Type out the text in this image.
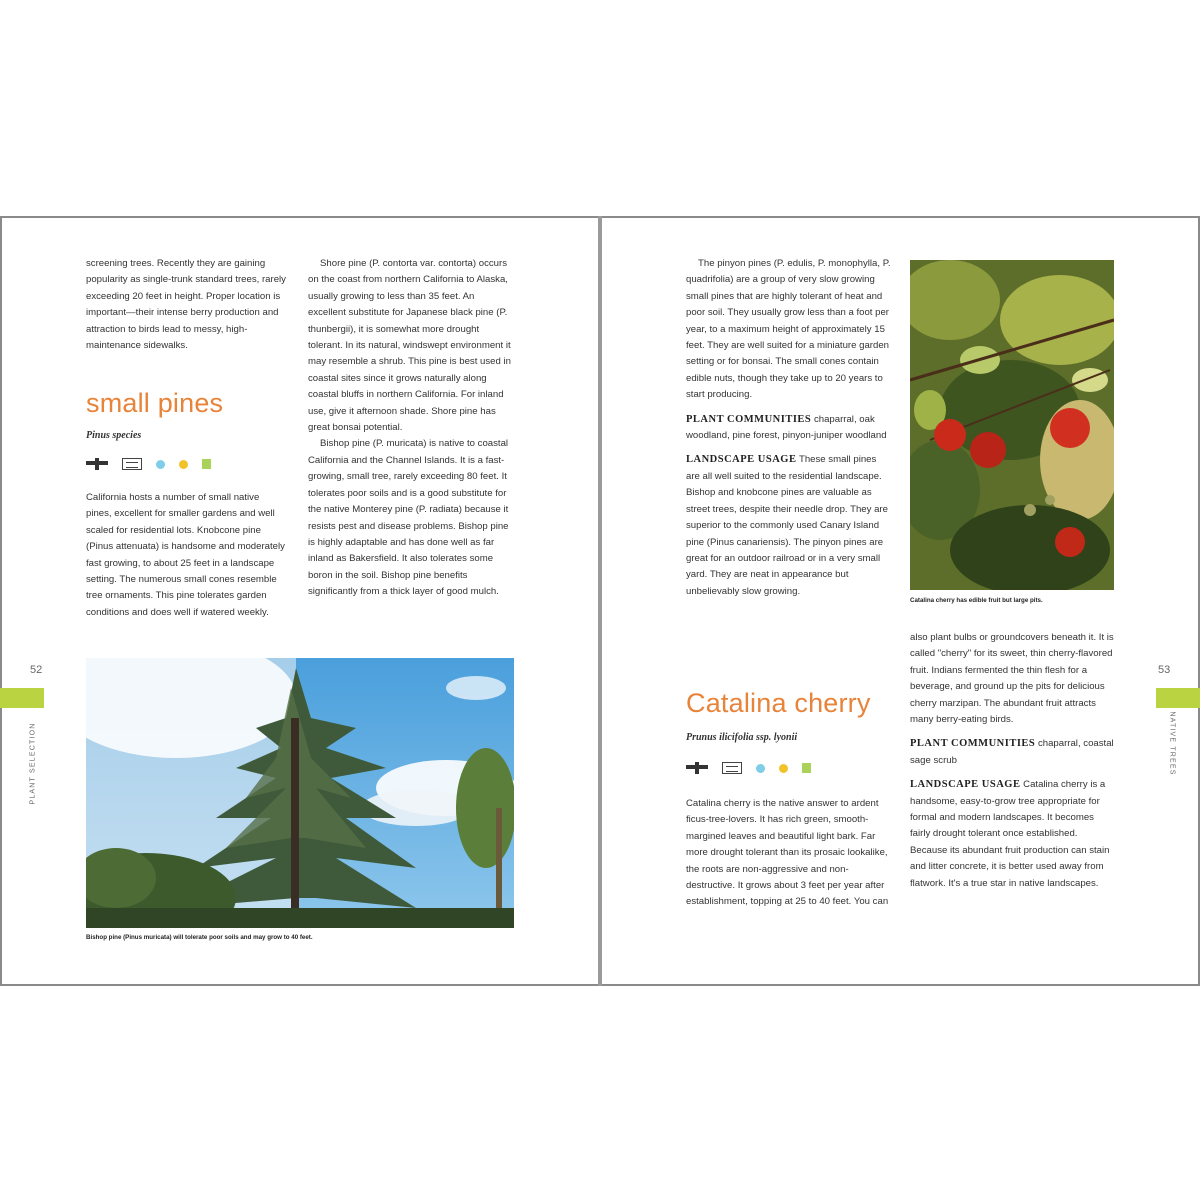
screening trees. Recently they are gaining popularity as single-trunk standard trees, rarely exceeding 20 feet in height. Proper location is important—their intense berry production and attraction to birds lead to messy, high-maintenance sidewalks.

small pines
Pinus species

California hosts a number of small native pines, excellent for smaller gardens and well scaled for residential lots. Knobcone pine (Pinus attenuata) is handsome and moderately fast growing, to about 25 feet in a landscape setting. The numerous small cones resemble tree ornaments. This pine tolerates garden conditions and does well if watered weekly.

Shore pine (P. contorta var. contorta) occurs on the coast from northern California to Alaska, usually growing to less than 35 feet. An excellent substitute for Japanese black pine (P. thunbergii), it is somewhat more drought tolerant. In its natural, windswept environment it may resemble a shrub. This pine is best used in coastal sites since it grows naturally along coastal bluffs in northern California. For inland use, give it afternoon shade. Shore pine has great bonsai potential.

Bishop pine (P. muricata) is native to coastal California and the Channel Islands. It is a fast-growing, small tree, rarely exceeding 80 feet. It tolerates poor soils and is a good substitute for the native Monterey pine (P. radiata) because it resists pest and disease problems. Bishop pine is highly adaptable and has done well as far inland as Bakersfield. It also tolerates some boron in the soil. Bishop pine benefits significantly from a thick layer of good mulch.

52
PLANT SELECTION
Bishop pine (Pinus muricata) will tolerate poor soils and may grow to 40 feet.

The pinyon pines (P. edulis, P. monophylla, P. quadrifolia) are a group of very slow growing small pines that are highly tolerant of heat and poor soil. They usually grow less than a foot per year, to a maximum height of approximately 15 feet. They are well suited for a miniature garden setting or for bonsai. The small cones contain edible nuts, though they take up to 20 years to start producing.

PLANT COMMUNITIES chaparral, oak woodland, pine forest, pinyon-juniper woodland

LANDSCAPE USAGE These small pines are all well suited to the residential landscape. Bishop and knobcone pines are valuable as street trees, despite their needle drop. They are superior to the commonly used Canary Island pine (Pinus canariensis). The pinyon pines are great for an outdoor railroad or in a very small yard. They are neat in appearance but unbelievably slow growing.

Catalina cherry
Prunus ilicifolia ssp. lyonii

Catalina cherry is the native answer to ardent ficus-tree-lovers. It has rich green, smooth-margined leaves and beautiful light bark. Far more drought tolerant than its prosaic lookalike, the roots are non-aggressive and non-destructive. It grows about 3 feet per year after establishment, topping at 25 to 40 feet. You can

Catalina cherry has edible fruit but large pits.

also plant bulbs or groundcovers beneath it. It is called "cherry" for its sweet, thin cherry-flavored fruit. Indians fermented the thin flesh for a beverage, and ground up the pits for delicious cherry marzipan. The abundant fruit attracts many berry-eating birds.

PLANT COMMUNITIES chaparral, coastal sage scrub

LANDSCAPE USAGE Catalina cherry is a handsome, easy-to-grow tree appropriate for formal and modern landscapes. It becomes fairly drought tolerant once established. Because its abundant fruit production can stain and litter concrete, it is better used away from flatwork. It's a true star in native landscapes.

53
NATIVE TREES
